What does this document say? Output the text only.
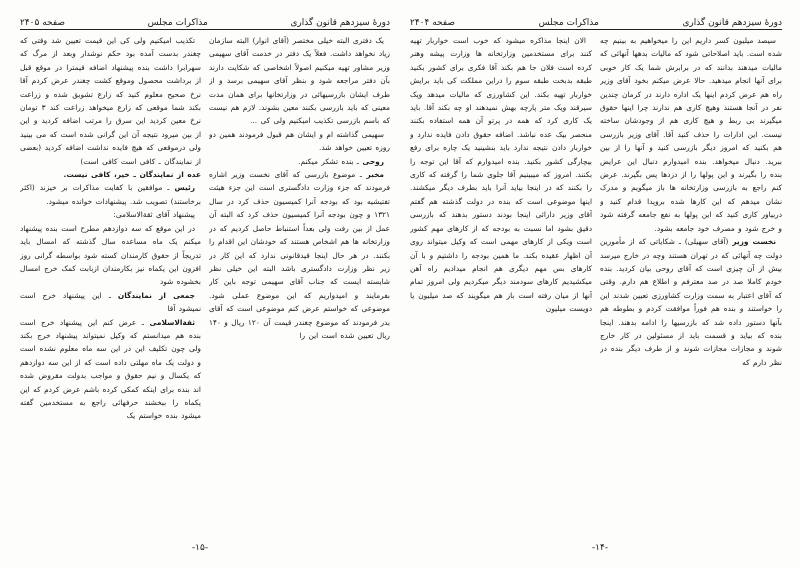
دورهٔ سیزدهم قانون گذاری
مذاکرات مجلس
صفحه ۲۴۰۵

تکذیب امیکنیم ولی کی این قیمت تعیین شد وقتی که چغندر بدست آمده بود حکم نوشدار وبعد از مرگ که سهرابرا داشت بنده پیشنهاد اضافه قیمترا در موقع قبل از برداشت محصول وموقع کشت چغندر عرض کردم آقا نرخ صحیح معلوم کنید که زارع تشویق شده و زراعت بکند شما موقعی که زارع میخواهد زراعت کند ۳ تومان نرخ معین کردید این سرق را مرتب اضافه کردید و این از بین میرود نتیجه آن این گرانی شده است که می بینید ولی درموقعی که هیچ فایده نداشت اضافه کردید (بعضی از نمایندگان ـ کافی است کافی است)

عده از نمایندگان ـ خیر، کافی نیست.

رئیس ـ موافقین با کفایت مذاکرات بر خیزند (اکثر برخاستند) تصویب شد. پیشنهادات خوانده میشود.

پیشنهاد آقای ثقةالاسلامی:

در این موقع که سه دوازدهم مطرح است بنده پیشنهاد میکنم یک ماه مساعده سال گذشته که امسال باید تدریجاً از حقوق کارمندان کسته شود بواسطه گرانی روز افزون این یکماه نیز بکارمندان ازبابت کمک خرج امسال بخشوده شود

جمعی از نمایندگان ـ این پیشنهاد خرج است نمیشود آقا

ثقةالاسلامی ـ عرض کنم این پیشنهاد خرج است بنده هم میدانستم که وکیل نمیتواند پیشنهاد خرج بکند ولی چون تکلیف این در این سه ماه معلوم نشده است و دولت یک ماه مهلتی داده است که از این سه دوازدهم که یکسال و نیم حقوق و مواجب بدولت مقروض شده اند بنده برای اینکه کمکی کرده باشم عرض کردم که این یکماه را ببخشند حرفهائی راجع به مستخدمین گفته میشود بنده خواستم یک

یک دفتری البته خیلی مختصر (آقای انوار) البته سازمان زیاد نخواهد داشت. فعلاً یک دفتر در خدمت آقای سهیمی وزیر مشاور تهیه میکنیم اصولاً اشخاصی که شکایت دارند بآن دفتر مراجعه شود و بنظر آقای سهیمی برسد و از طرف ایشان بازرسیهائی در وزارتخانها برای همان مدت معینی که باید بازرسی بکنند معین بشوند. لازم هم نیست که باسم بازرسی تکذیب امیکنیم ولی کی ...

سهیمی گذاشته ام و ایشان هم قبول فرمودند همین دو روزه تعیین خواهد شد.

روحی ـ بنده تشکر میکنم.

مخبر ـ موضوع بازرسی که آقای نخست وزیر اشاره فرمودند که جزء وزارت دادگستری است این جزء هیئت تفتیشیه بود که بودجه آنرا کمیسیون حذف کرد در سال ۱۳۲۱ و چون بودجه آنرا کمیسیون حذف کرد که البته آن عمل از بین رفت ولی بعداً استنباط حاصل کردیم که در وزارتخانه ها هم اشخاص هستند که خودشان این اقدام را بکنند. در هر حال اینجا قیدقانونی ندارد که این کار در زیر نظر وزارت دادگستری باشد البته این خیلی نظر شایسته ایست که جناب آقای سهیمی توجه باین کار بفرمایند و امیدواریم که این موضوع عملی شود. موضوعی که خواستم عرض کنم موضوعی است که آقای بدر فرمودند که موضوع چغندر قیمت آن ۱۲۰ ریال و ۱۴۰ ریال تعیین شده است این را

-۱۵-
دورهٔ سیزدهم قانون گذاری
مذاکرات مجلس
صفحه ۲۴۰۴

الان اینجا مذاکره میشود که خوب است خواربار تهیه کنند برای مستخدمین وزارتخانه ها وزارت پیشه وهنر کرده است فلان جا هم بکند آقا فکری برای کشور بکنید طبقه بدبخت طبقه سوم را دراین مملکت کی باید برایش خواربار تهیه بکند. این کشاورزی که مالیات میدهد ویک سیرقند ویک متر پارچه بهش نمیدهند او چه بکند آقا. باید یک کاری کرد که همه در پرتو آن همه استفاده بکنند منحصر بیک عده نباشد. اضافه حقوق دادن فایده ندارد و خواربار دادن نتیجه ندارد باید بنشینید یک چاره برای رفع بیچارگی کشور بکنید. بنده امیدوارم که آقا این توجه را بکنند. امروز که میبینیم آقا جلوی شما را گرفته که کاری را بکنند که در اینجا بیاید آنرا باید بطرف دیگر میکشند. اینها موضوعی است که بنده در دولت گذشته هم گفتم آقای وزیر دارائی اینجا بودند دستور بدهند که بازرسی دقیق بشود اما نسبت به بودجه که از کارهای مهم کشور است ویکی از کارهای مهمی است که وکیل میتواند روی آن اظهار عقیده بکند. ما همین بودجه را داشتیم و با آن کارهای بس مهم دیگری هم انجام میدادیم راه آهن میکشیدیم کارهای سودمند دیگر میکردیم ولی امروز تمام آنها از میان رفته است باز هم میگویند که صد میلیون یا دویست میلیون

سیصد میلیون کسر داریم این را میخواهیم به بینیم چه شده است. باید اصلاحاتی شود که مالیات بدهها آنهائی که مالیات میدهند بدانند که در برابرش شما یک کار خوبی برای آنها انجام میدهید. حالا عرض میکنم بخود آقای وزیر راه هم عرض کردم اینها یک اداره دارند در کرمان چندین نفر در آنجا هستند وهیچ کاری هم ندارند چرا اینها حقوق میگیرند بی ربط و هیچ کاری هم از وجودشان ساخته نیست. این ادارات را حذف کنید آقا. آقای وزیر بازرسی هم بکنید که امروز دیگر بازرسی کنید و آنها را از بین ببرید. دنبال میخواهد. بنده امیدوارم دنبال این عرایض بنده را بگیرند و این پولها را از دزدها پس بگیرند. عرض کنم راجع به بازرسی وزارتخانه ها باز میگویم و مدرک نشان میدهم که این کارها شده برویدا قدام کنید و دربیاور کاری کنید که این پولها به نفع جامعه گرفته شود و خرج شود و مصرف خود جامعه بشود.

نخست وزیر (آقای سهیلی) ـ شکایاتی که از مأمورین دولت چه آنهائی که در تهران هستند وچه در خارج میرسد بیش از آن چیزی است که آقای روحی بیان کردید. بنده خودم کاملا صد در صد معترفم و اطلاع هم دارم. وقتی که آقای اعتبار به سمت وزارت کشاورزی تعیین شدند این را خواستند و بنده هم فوراً موافقت کردم و بطوطه هم بآنها دستور داده شد که بازرسیها را ادامه بدهند. اینجا بنده که بیاید و قسمت باید از مسئولین در کار خارج شوند و مجازات مجازات شوند و از طرف دیگر بنده در نظر دارم که

-۱۴-
